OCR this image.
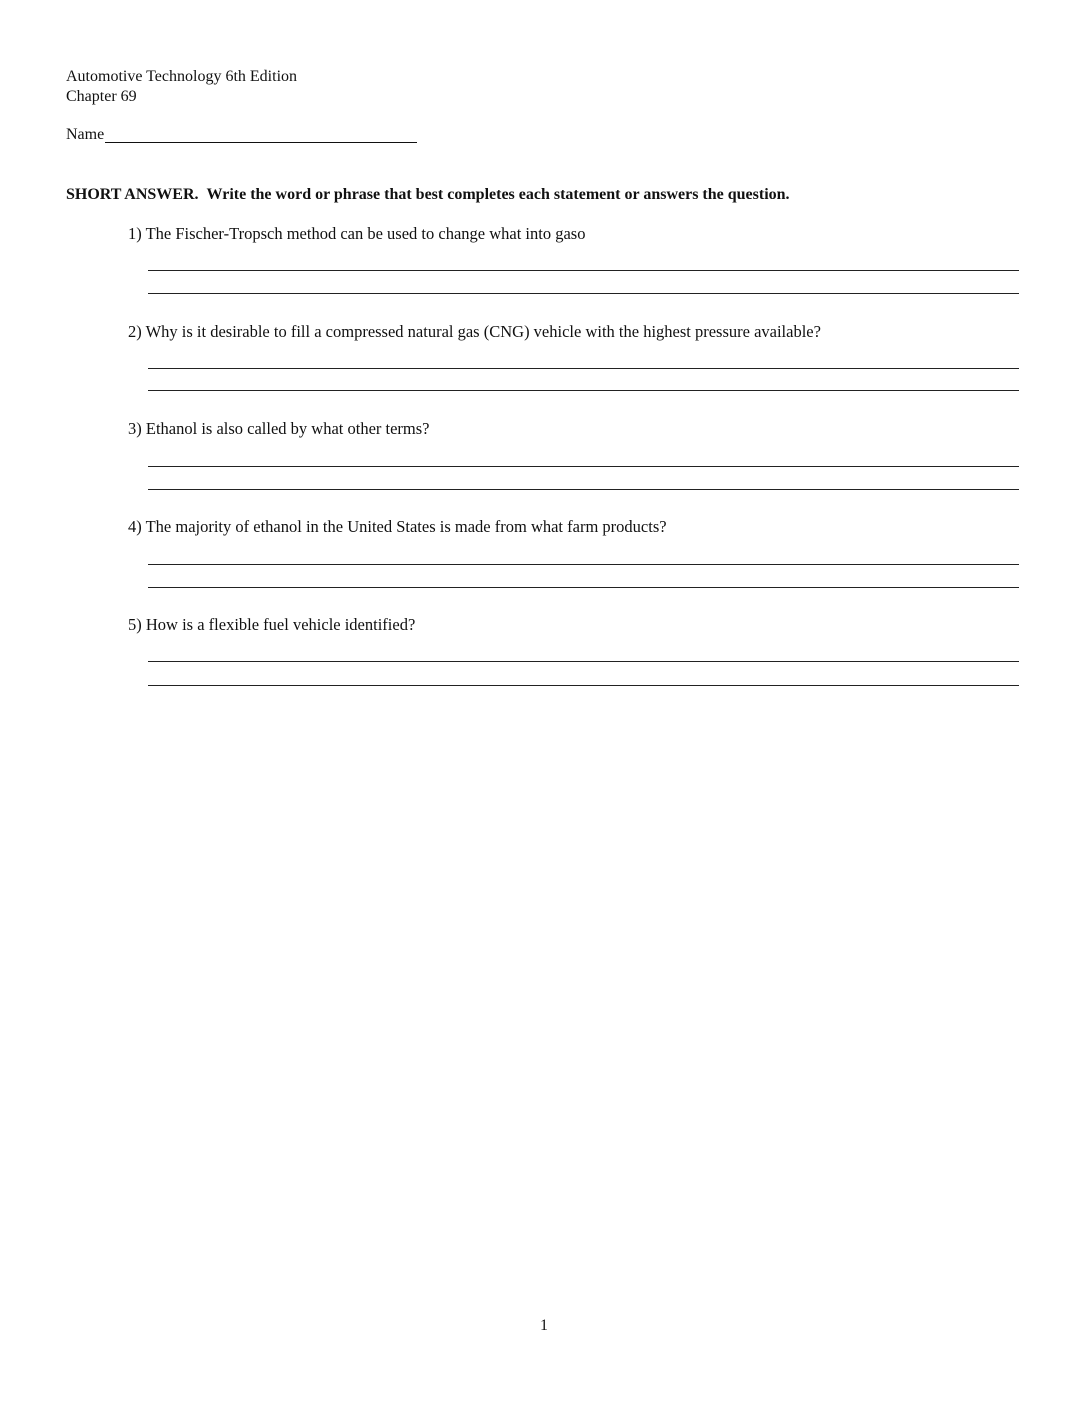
Automotive Technology 6th Edition
Chapter 69
Name
SHORT ANSWER. Write the word or phrase that best completes each statement or answers the question.
1) The Fischer-Tropsch method can be used to change what into gaso
2) Why is it desirable to fill a compressed natural gas (CNG) vehicle with the highest pressure available?
3) Ethanol is also called by what other terms?
4) The majority of ethanol in the United States is made from what farm products?
5) How is a flexible fuel vehicle identified?
1
